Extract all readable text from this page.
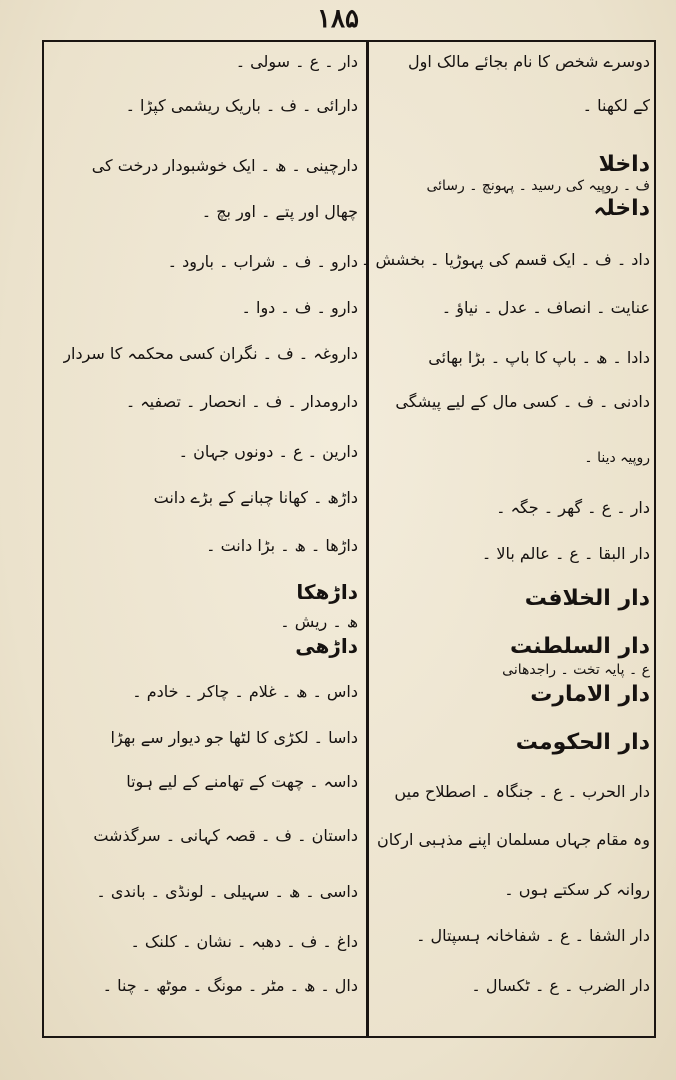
۱۸۵
دوسرے شخص کا نام بجائے مالک اول
کے لکھنا ۔
داخلا
ف ۔ روپیہ کی رسید ۔ پہونچ ۔ رسائی
داخلہ
داد ۔ ف ۔ ایک قسم کی پہوڑیا ۔ بخشش ۔
عنایت ۔ انصاف ۔ عدل ۔ نیاؤ ۔
دادا ۔ ھ ۔ باپ کا باپ ۔ بڑا بھائی
دادنی ۔ ف ۔ کسی مال کے لیے پیشگی
روپیہ دینا ۔
دار ۔ ع ۔ گھر ۔ جگہ ۔
دار البقا ۔ ع ۔ عالم بالا ۔
دار الخلافت
دار السلطنت
ع ۔ پایہ تخت ۔ راجدھانی
دار الامارت
دار الحکومت
دار الحرب ۔ ع ۔ جنگاہ ۔ اصطلاح میں
وہ مقام جہاں مسلمان اپنے مذہبی ارکان
روانہ کر سکتے ہوں ۔
دار الشفا ۔ ع ۔ شفاخانہ ہسپتال ۔
دار الضرب ۔ ع ۔ ٹکسال ۔
دار ۔ ع ۔ سولی ۔
دارائی ۔ ف ۔ باریک ریشمی کپڑا ۔
دارچینی ۔ ھ ۔ ایک خوشبودار درخت کی
چھال اور پتے ۔ اور بچ ۔
دارو ۔ ف ۔ شراب ۔ بارود ۔
دارو ۔ ف ۔ دوا ۔
داروغہ ۔ ف ۔ نگران کسی محکمہ کا سردار
دارومدار ۔ ف ۔ انحصار ۔ تصفیہ ۔
دارین ۔ ع ۔ دونوں جہان ۔
داڑھ ۔ کھانا چبانے کے بڑے دانت
داڑھا ۔ ھ ۔ بڑا دانت ۔
داڑھکا
ھ ۔ ریش ۔
داڑھی
داس ۔ ھ ۔ غلام ۔ چاکر ۔ خادم ۔
داسا ۔ لکڑی کا لٹھا جو دیوار سے بھڑا
داسہ ۔ چھت کے تھامنے کے لیے ہوتا
داستان ۔ ف ۔ قصہ کہانی ۔ سرگذشت
داسی ۔ ھ ۔ سہیلی ۔ لونڈی ۔ باندی ۔
داغ ۔ ف ۔ دھبہ ۔ نشان ۔ کلنک ۔
دال ۔ ھ ۔ مٹر ۔ مونگ ۔ موٹھ ۔ چنا ۔
